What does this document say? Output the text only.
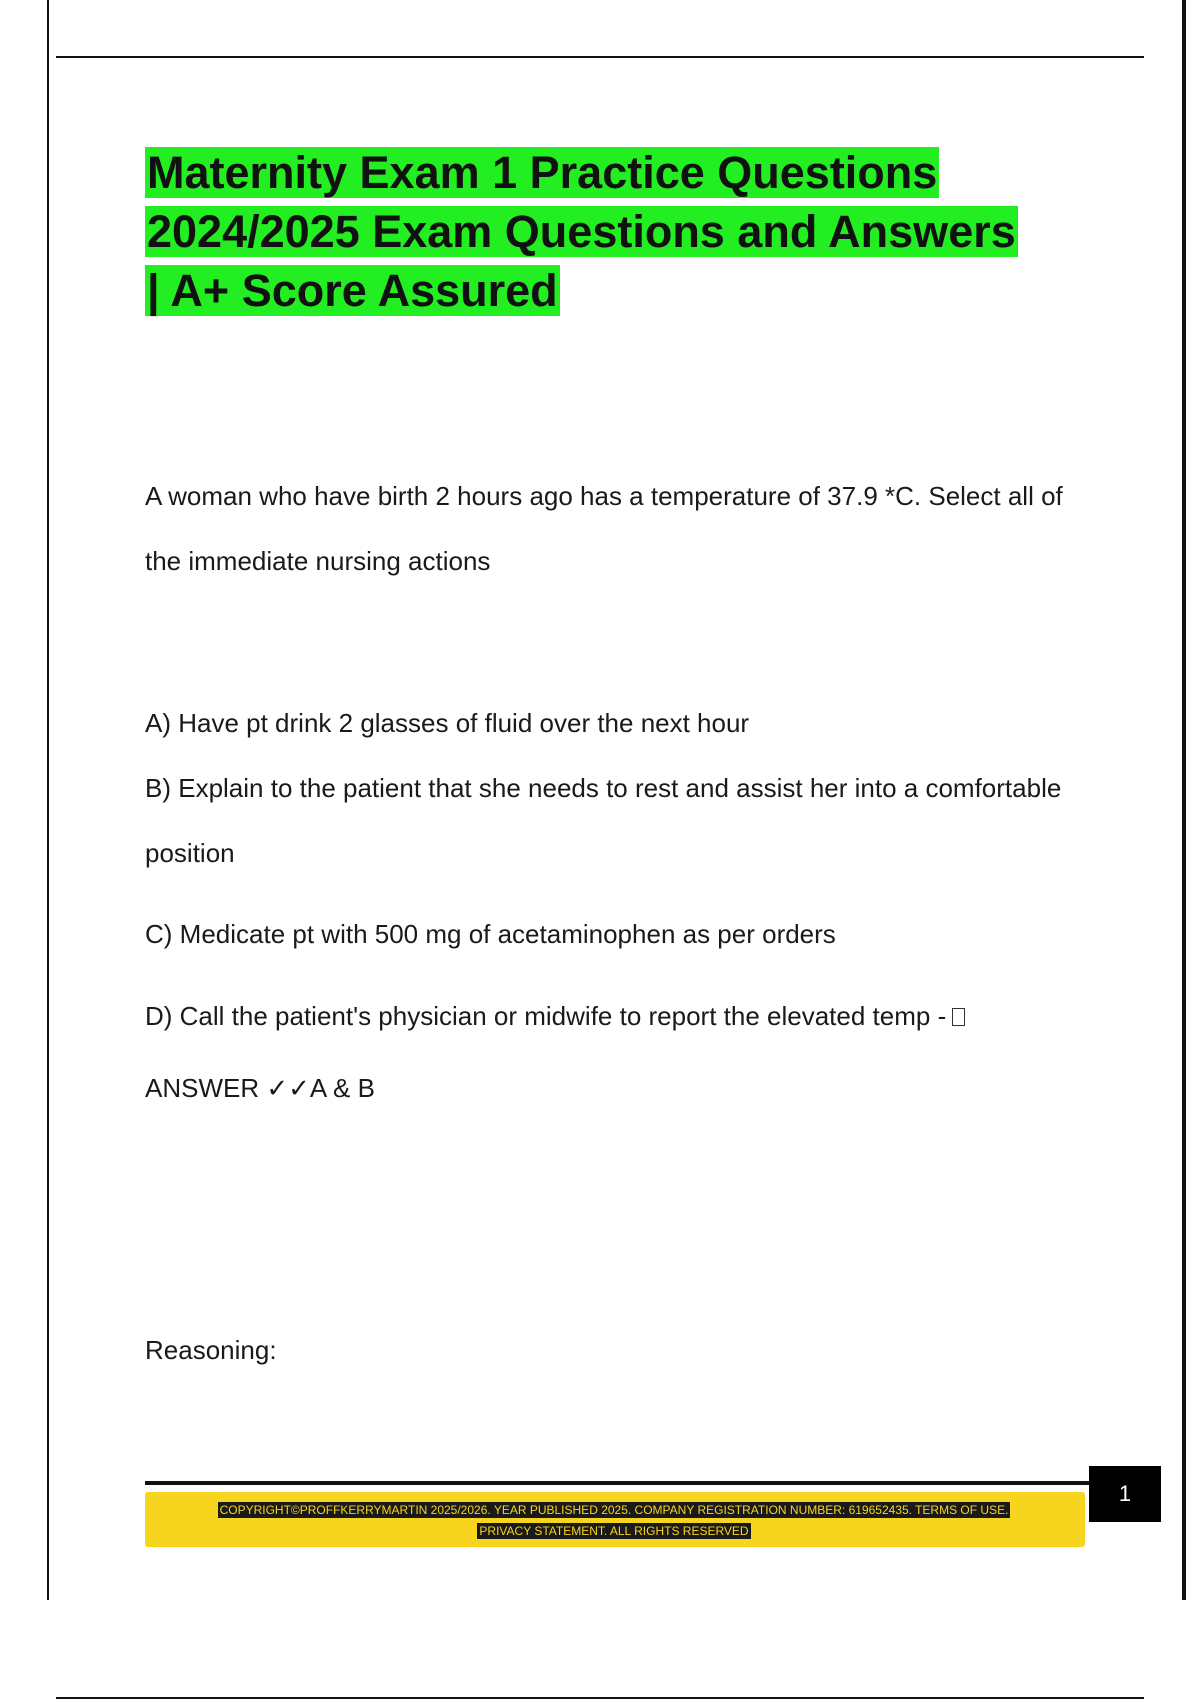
Maternity Exam 1 Practice Questions
2024/2025 Exam Questions and Answers
| A+ Score Assured
A woman who have birth 2 hours ago has a temperature of 37.9 *C. Select all of the immediate nursing actions
A) Have pt drink 2 glasses of fluid over the next hour
B) Explain to the patient that she needs to rest and assist her into a comfortable position
C) Medicate pt with 500 mg of acetaminophen as per orders
D) Call the patient's physician or midwife to report the elevated temp -
ANSWER ✓✓A & B
Reasoning:
COPYRIGHT©PROFFKERRYMARTIN 2025/2026. YEAR PUBLISHED 2025. COMPANY REGISTRATION NUMBER: 619652435. TERMS OF USE.
PRIVACY STATEMENT. ALL RIGHTS RESERVED
1
